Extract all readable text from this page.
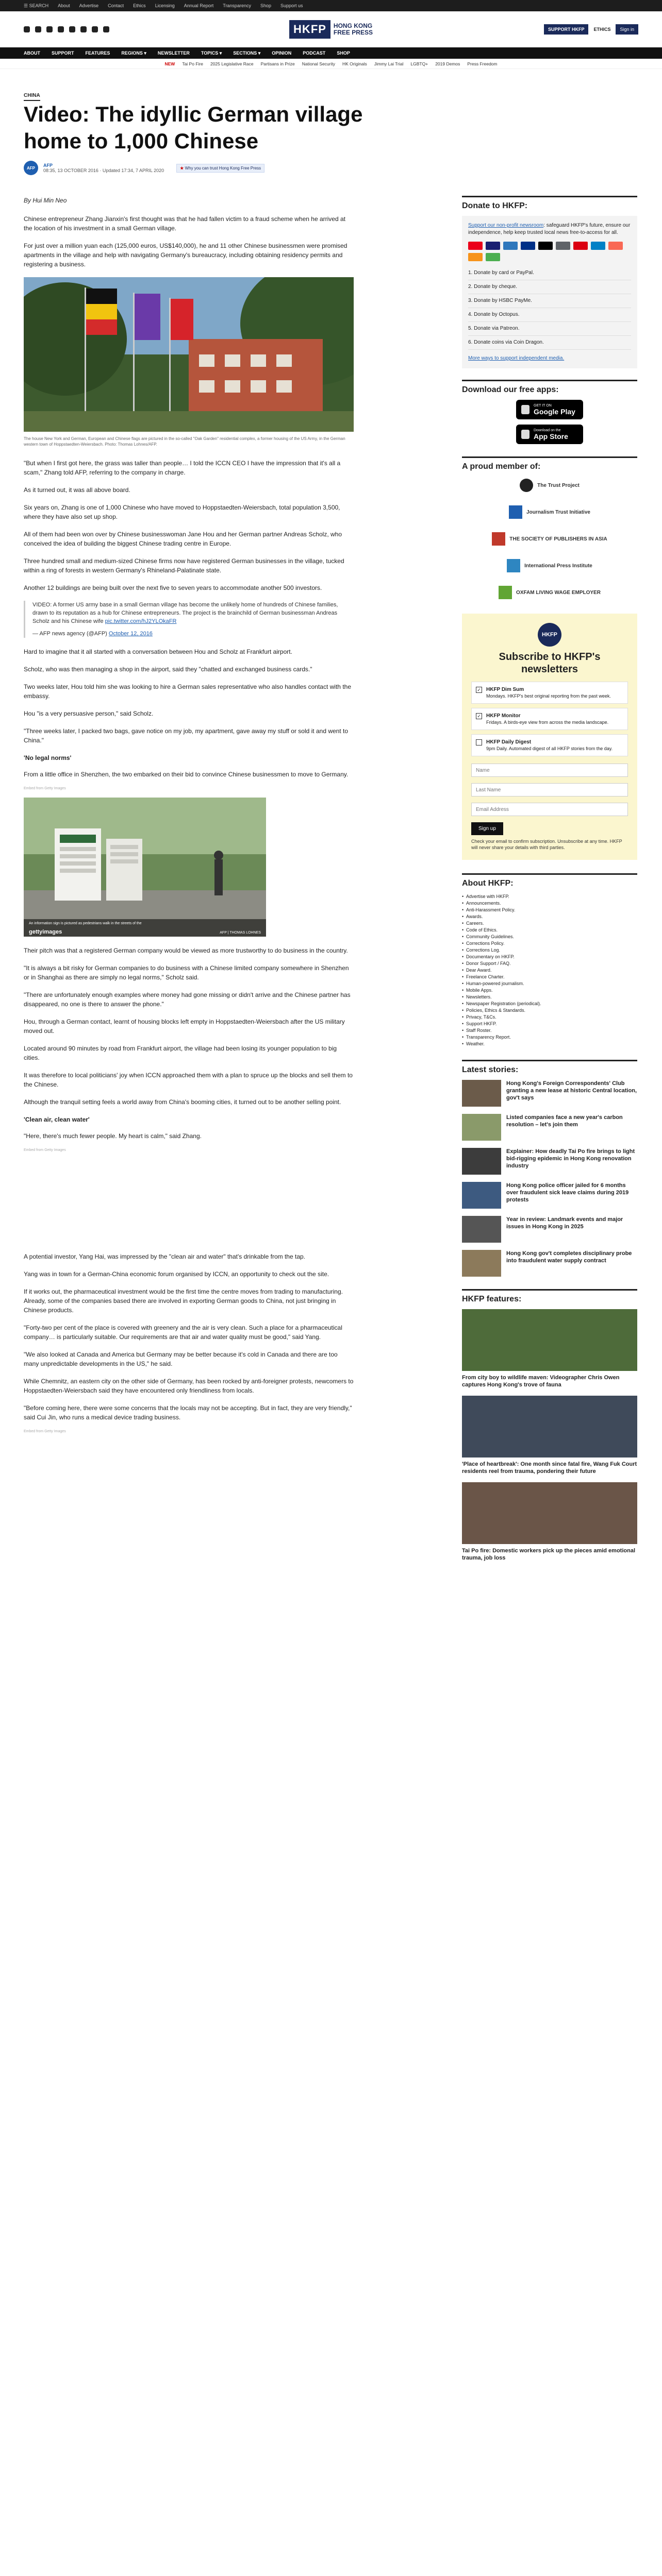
☰ SEARCH About Advertise Contact Ethics Licensing Annual Report Transparency Shop Support us
HKFP	HONG KONG
FREE PRESS	SUPPORT HKFP	ETHICS	Sign in
ABOUT SUPPORT FEATURES REGIONS ▾ NEWSLETTER TOPICS ▾ SECTIONS ▾ OPINION PODCAST SHOP
NEW Tai Po Fire 2025 Legislative Race Partisans in Prize National Security HK Originals Jimmy Lai Trial LGBTQ+ 2019 Demos Press Freedom
CHINA
Video: The idyllic German village home to 1,000 Chinese
AFP	AFP
08:35, 13 OCTOBER 2016 · Updated 17:34, 7 APRIL 2020	★ Why you can trust Hong Kong Free Press

By Hui Min Neo

Chinese entrepreneur Zhang Jianxin's first thought was that he had fallen victim to a fraud scheme when he arrived at the location of his investment in a small German village.

For just over a million yuan each (125,000 euros, US$140,000), he and 11 other Chinese businessmen were promised apartments in the village and help with navigating Germany's bureaucracy, including obtaining residency permits and registering a business.

The house New York and German, European and Chinese flags are pictured in the so-called "Oak Garden" residential complex, a former housing of the US Army, in the German western town of Hoppstaedten-Weiersbach. Photo: Thomas Lohnes/AFP.

"But when I first got here, the grass was taller than people… I told the ICCN CEO I have the impression that it's all a scam," Zhang told AFP, referring to the company in charge.

As it turned out, it was all above board.

Six years on, Zhang is one of 1,000 Chinese who have moved to Hoppstaedten-Weiersbach, total population 3,500, where they have also set up shop.

All of them had been won over by Chinese businesswoman Jane Hou and her German partner Andreas Scholz, who conceived the idea of building the biggest Chinese trading centre in Europe.

Three hundred small and medium-sized Chinese firms now have registered German businesses in the village, tucked within a ring of forests in western Germany's Rhineland-Palatinate state.

Another 12 buildings are being built over the next five to seven years to accommodate another 500 investors.

VIDEO: A former US army base in a small German village has become the unlikely home of hundreds of Chinese families, drawn to its reputation as a hub for Chinese entrepreneurs. The project is the brainchild of German businessman Andreas Scholz and his Chinese wife pic.twitter.com/hJ2YLOkaFR

— AFP news agency (@AFP) October 12, 2016

Hard to imagine that it all started with a conversation between Hou and Scholz at Frankfurt airport.

Scholz, who was then managing a shop in the airport, said they "chatted and exchanged business cards."

Two weeks later, Hou told him she was looking to hire a German sales representative who also handles contact with the embassy.

Hou "is a very persuasive person," said Scholz.

"Three weeks later, I packed two bags, gave notice on my job, my apartment, gave away my stuff or sold it and went to China."

'No legal norms'

From a little office in Shenzhen, the two embarked on their bid to convince Chinese businessmen to move to Germany.

Embed from Getty Images
An information sign is pictured as pedestrians walk in the streets of the
gettyimages	AFP | THOMAS LOHNES

Their pitch was that a registered German company would be viewed as more trustworthy to do business in the country.

"It is always a bit risky for German companies to do business with a Chinese limited company somewhere in Shenzhen or in Shanghai as there are simply no legal norms," Scholz said.

"There are unfortunately enough examples where money had gone missing or didn't arrive and the Chinese partner has disappeared, no one is there to answer the phone."

Hou, through a German contact, learnt of housing blocks left empty in Hoppstaedten-Weiersbach after the US military moved out.

Located around 90 minutes by road from Frankfurt airport, the village had been losing its younger population to big cities.

It was therefore to local politicians' joy when ICCN approached them with a plan to spruce up the blocks and sell them to the Chinese.

Although the tranquil setting feels a world away from China's booming cities, it turned out to be another selling point.

'Clean air, clean water'

"Here, there's much fewer people. My heart is calm," said Zhang.

Embed from Getty Images

A potential investor, Yang Hai, was impressed by the "clean air and water" that's drinkable from the tap.

Yang was in town for a German-China economic forum organised by ICCN, an opportunity to check out the site.

If it works out, the pharmaceutical investment would be the first time the centre moves from trading to manufacturing. Already, some of the companies based there are involved in exporting German goods to China, not just bringing in Chinese products.

"Forty-two per cent of the place is covered with greenery and the air is very clean. Such a place for a pharmaceutical company… is particularly suitable. Our requirements are that air and water quality must be good," said Yang.

"We also looked at Canada and America but Germany may be better because it's cold in Canada and there are too many unpredictable developments in the US," he said.

While Chemnitz, an eastern city on the other side of Germany, has been rocked by anti-foreigner protests, newcomers to Hoppstaedten-Weiersbach said they have encountered only friendliness from locals.

"Before coming here, there were some concerns that the locals may not be accepting. But in fact, they are very friendly," said Cui Jin, who runs a medical device trading business.

Embed from Getty Images
Donate to HKFP:
Support our non-profit newsroom: safeguard HKFP's future, ensure our independence, help keep trusted local news free-to-access for all.
1. Donate by card or PayPal.
2. Donate by cheque.
3. Donate by HSBC PayMe.
4. Donate by Octopus.
5. Donate via Patreon.
6. Donate coins via Coin Dragon.
More ways to support independent media.
Download our free apps:
GET IT ON
Google Play
Download on the
App Store
A proud member of:
The Trust Project
Journalism Trust Initiative
THE SOCIETY OF PUBLISHERS IN ASIA
International Press Institute
OXFAM LIVING WAGE EMPLOYER
HKFP
Subscribe to HKFP's newsletters
✓ HKFP Dim Sum
Mondays. HKFP's best original reporting from the past week.
✓ HKFP Monitor
Fridays. A birds-eye view from across the media landscape.
HKFP Daily Digest
9pm Daily. Automated digest of all HKFP stories from the day.
Name Last Name Email Address
Sign up
Check your email to confirm subscription. Unsubscribe at any time. HKFP will never share your details with third parties.
About HKFP:
• Advertise with HKFP.
• Announcements.
• Anti-Harassment Policy.
• Awards.
• Careers.
• Code of Ethics.
• Community Guidelines.
• Corrections Policy.
• Corrections Log.
• Documentary on HKFP.
• Donor Support / FAQ.
• Dear Award.
• Freelance Charter.
• Human-powered journalism.
• Mobile Apps.
• Newsletters.
• Newspaper Registration (periodical).
• Policies, Ethics & Standards.
• Privacy, T&Cs.
• Support HKFP.
• Staff Roster.
• Transparency Report.
• Weather.
Latest stories:
Hong Kong's Foreign Correspondents' Club granting a new lease at historic Central location, gov't says
Listed companies face a new year's carbon resolution – let's join them
Explainer: How deadly Tai Po fire brings to light bid-rigging epidemic in Hong Kong renovation industry
Hong Kong police officer jailed for 6 months over fraudulent sick leave claims during 2019 protests
Year in review: Landmark events and major issues in Hong Kong in 2025
Hong Kong gov't completes disciplinary probe into fraudulent water supply contract
HKFP features:
From city boy to wildlife maven: Videographer Chris Owen captures Hong Kong's trove of fauna
'Place of heartbreak': One month since fatal fire, Wang Fuk Court residents reel from trauma, pondering their future
Tai Po fire: Domestic workers pick up the pieces amid emotional trauma, job loss
